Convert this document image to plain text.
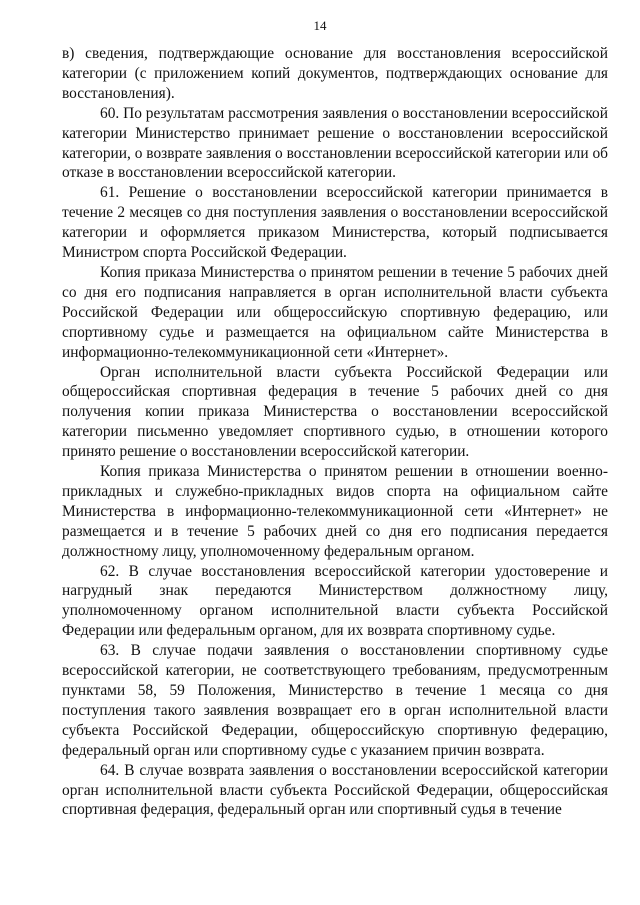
14

в) сведения, подтверждающие основание для восстановления всероссийской категории (с приложением копий документов, подтверждающих основание для восстановления).

60. По результатам рассмотрения заявления о восстановлении всероссийской категории Министерство принимает решение о восстановлении всероссийской категории, о возврате заявления о восстановлении всероссийской категории или об отказе в восстановлении всероссийской категории.

61. Решение о восстановлении всероссийской категории принимается в течение 2 месяцев со дня поступления заявления о восстановлении всероссийской категории и оформляется приказом Министерства, который подписывается Министром спорта Российской Федерации.

Копия приказа Министерства о принятом решении в течение 5 рабочих дней со дня его подписания направляется в орган исполнительной власти субъекта Российской Федерации или общероссийскую спортивную федерацию, или спортивному судье и размещается на официальном сайте Министерства в информационно-телекоммуникационной сети «Интернет».

Орган исполнительной власти субъекта Российской Федерации или общероссийская спортивная федерация в течение 5 рабочих дней со дня получения копии приказа Министерства о восстановлении всероссийской категории письменно уведомляет спортивного судью, в отношении которого принято решение о восстановлении всероссийской категории.

Копия приказа Министерства о принятом решении в отношении военно-прикладных и служебно-прикладных видов спорта на официальном сайте Министерства в информационно-телекоммуникационной сети «Интернет» не размещается и в течение 5 рабочих дней со дня его подписания передается должностному лицу, уполномоченному федеральным органом.

62. В случае восстановления всероссийской категории удостоверение и нагрудный знак передаются Министерством должностному лицу, уполномоченному органом исполнительной власти субъекта Российской Федерации или федеральным органом, для их возврата спортивному судье.

63. В случае подачи заявления о восстановлении спортивному судье всероссийской категории, не соответствующего требованиям, предусмотренным пунктами 58, 59 Положения, Министерство в течение 1 месяца со дня поступления такого заявления возвращает его в орган исполнительной власти субъекта Российской Федерации, общероссийскую спортивную федерацию, федеральный орган или спортивному судье с указанием причин возврата.

64. В случае возврата заявления о восстановлении всероссийской категории орган исполнительной власти субъекта Российской Федерации, общероссийская спортивная федерация, федеральный орган или спортивный судья в течение
